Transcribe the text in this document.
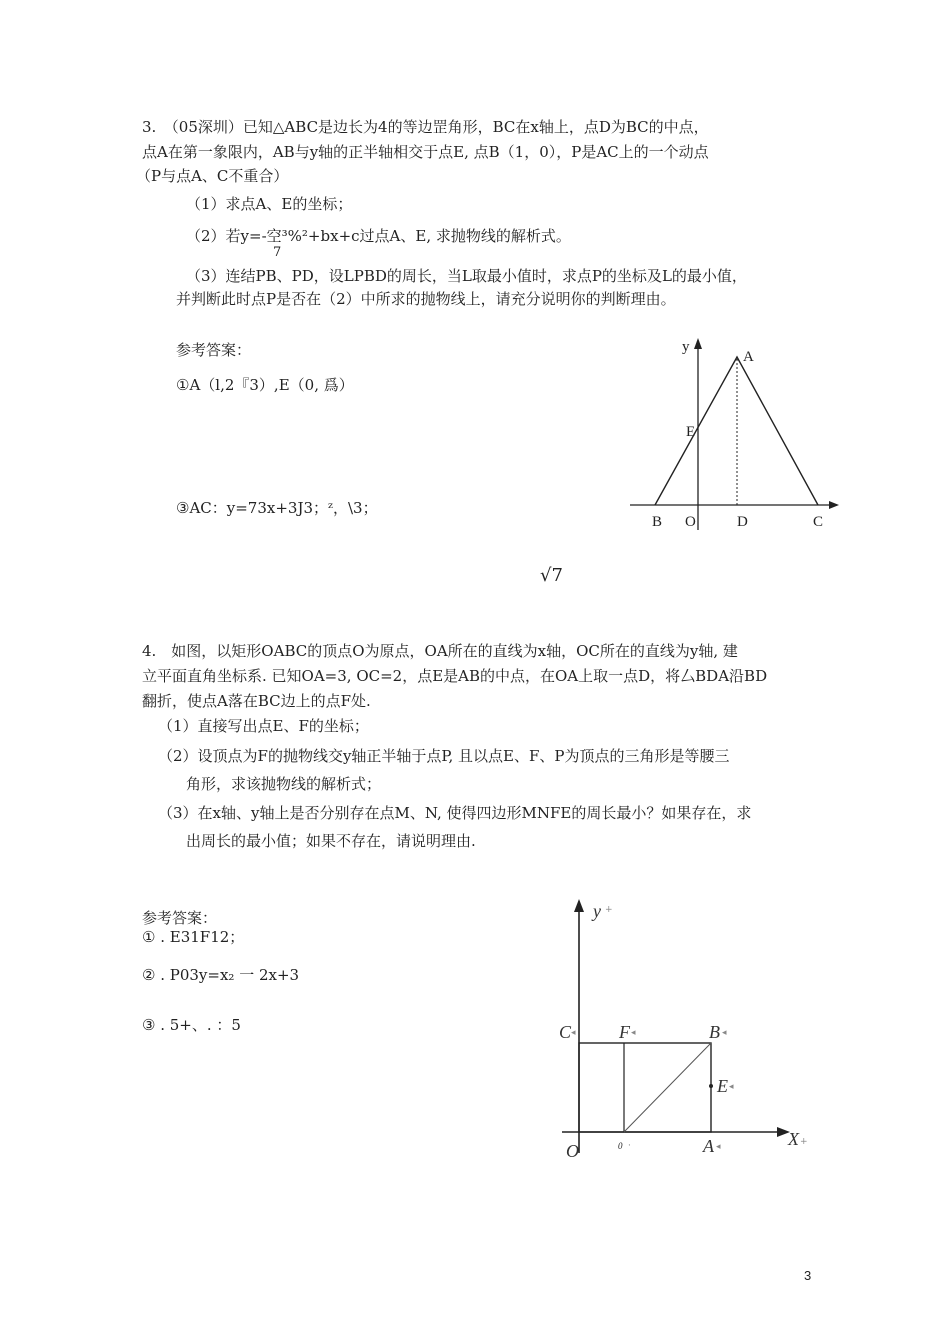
3.　（05深圳）已知△ABC是边长为4的等边罡角形，BC在x轴上，点D为BC的中点，
点A在第一象限内，AB与y轴的正半轴相交于点E, 点B（1，0），P是AC上的一个动点
（P与点A、C不重合）
（1）求点A、E的坐标；
（2）若y=-空³%²+bx+c过点A、E, 求抛物线的解析式。
7
（3）连结PB、PD，设LPBD的周长，当L取最小值时，求点P的坐标及L的最小值，
并判断此时点P是否在（2）中所求的抛物线上，请充分说明你的判断理由。
参考答案：
①A（l,2『3）,E（0, 爲）
③AC：y=73x+3J3；ᶻ，\3；
√7
y
A
E
B O	D	C
4.　如图，以矩形OABC的顶点O为原点，OA所在的直线为x轴，OC所在的直线为y轴, 建
立平面直角坐标系. 已知OA=3, OC=2，点E是AB的中点，在OA上取一点D，将厶BDA沿BD
翻折，使点A落在BC边上的点F处.
（1）直接写出点E、F的坐标；
（2）设顶点为F的抛物线交y轴正半轴于点P, 且以点E、F、P为顶点的三角形是等腰三
角形，求该抛物线的解析式；
（3）在x轴、y轴上是否分别存在点M、N, 使得四边形MNFE的周长最小？如果存在，求
出周长的最小值；如果不存在，请说明理由.
参考答案：
① . E31F12；
② . P03y=x₂ 一 2x+3
③ . 5+、. ：5
y +
X +
C ◂ F ◂	B ◂
E ◂
O	0 ·	A ◂
3
